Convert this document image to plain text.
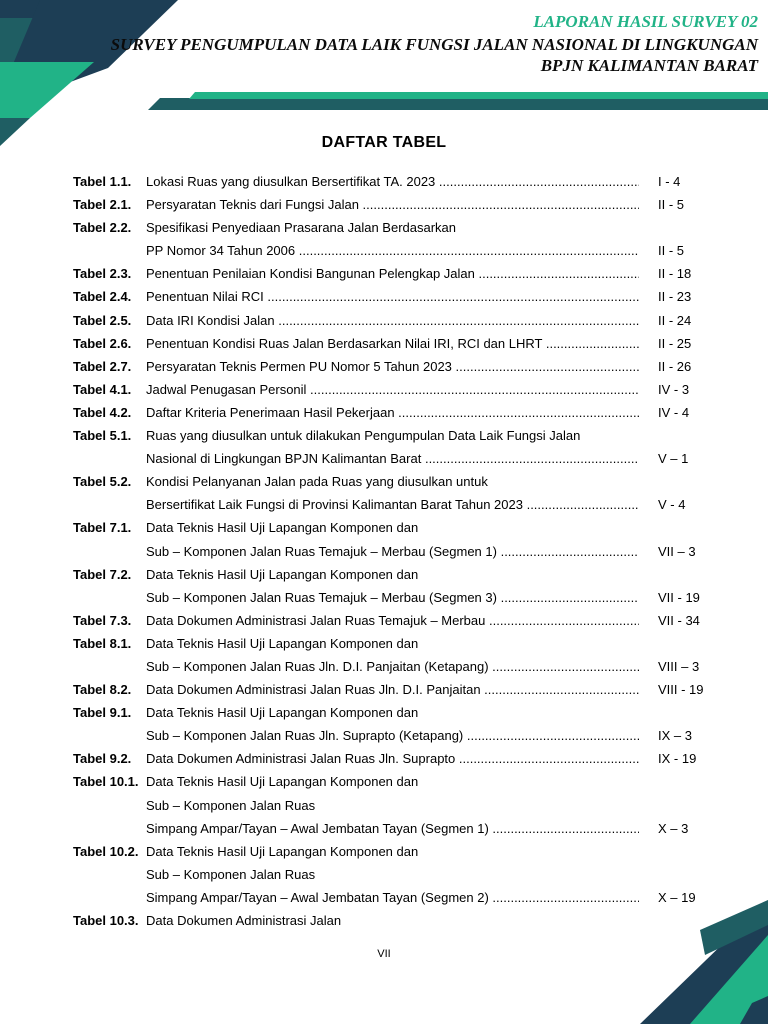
LAPORAN HASIL SURVEY 02
SURVEY PENGUMPULAN DATA LAIK FUNGSI JALAN NASIONAL DI LINGKUNGAN
BPJN KALIMANTAN BARAT
DAFTAR TABEL
Tabel 1.1. Lokasi Ruas yang diusulkan Bersertifikat TA. 2023 .....	I - 4
Tabel 2.1. Persyaratan Teknis dari Fungsi Jalan .....	II - 5
Tabel 2.2. Spesifikasi Penyediaan Prasarana Jalan Berdasarkan
PP Nomor 34 Tahun 2006 .....	II - 5
Tabel 2.3. Penentuan Penilaian Kondisi Bangunan Pelengkap Jalan .....	II - 18
Tabel 2.4. Penentuan Nilai RCI .....	II - 23
Tabel 2.5. Data IRI Kondisi Jalan .....	II - 24
Tabel 2.6. Penentuan Kondisi Ruas Jalan Berdasarkan Nilai IRI, RCI dan LHRT .....	II - 25
Tabel 2.7. Persyaratan Teknis Permen PU Nomor 5 Tahun 2023 .....	II - 26
Tabel 4.1. Jadwal Penugasan Personil .....	IV - 3
Tabel 4.2. Daftar Kriteria Penerimaan Hasil Pekerjaan .....	IV - 4
Tabel 5.1. Ruas yang diusulkan untuk dilakukan Pengumpulan Data Laik Fungsi Jalan
Nasional di Lingkungan BPJN Kalimantan Barat .....	V – 1
Tabel 5.2. Kondisi Pelanyanan Jalan pada Ruas yang diusulkan untuk
Bersertifikat Laik Fungsi di Provinsi Kalimantan Barat Tahun 2023 .....	V - 4
Tabel 7.1. Data Teknis Hasil Uji Lapangan Komponen dan
Sub – Komponen Jalan Ruas Temajuk – Merbau (Segmen 1) .....	VII – 3
Tabel 7.2. Data Teknis Hasil Uji Lapangan Komponen dan
Sub – Komponen Jalan Ruas Temajuk – Merbau (Segmen 3) .....	VII - 19
Tabel 7.3. Data Dokumen Administrasi Jalan Ruas Temajuk – Merbau .....	VII - 34
Tabel 8.1. Data Teknis Hasil Uji Lapangan Komponen dan
Sub – Komponen Jalan Ruas Jln. D.I. Panjaitan (Ketapang) .....	VIII – 3
Tabel 8.2. Data Dokumen Administrasi Jalan Ruas Jln. D.I. Panjaitan .....	VIII - 19
Tabel 9.1. Data Teknis Hasil Uji Lapangan Komponen dan
Sub – Komponen Jalan Ruas Jln. Suprapto (Ketapang) .....	IX – 3
Tabel 9.2. Data Dokumen Administrasi Jalan Ruas Jln. Suprapto .....	IX - 19
Tabel 10.1. Data Teknis Hasil Uji Lapangan Komponen dan
Sub – Komponen Jalan Ruas
Simpang Ampar/Tayan – Awal Jembatan Tayan (Segmen 1) .....	X – 3
Tabel 10.2. Data Teknis Hasil Uji Lapangan Komponen dan
Sub – Komponen Jalan Ruas
Simpang Ampar/Tayan – Awal Jembatan Tayan (Segmen 2) .....	X – 19
Tabel 10.3. Data Dokumen Administrasi Jalan
VII
